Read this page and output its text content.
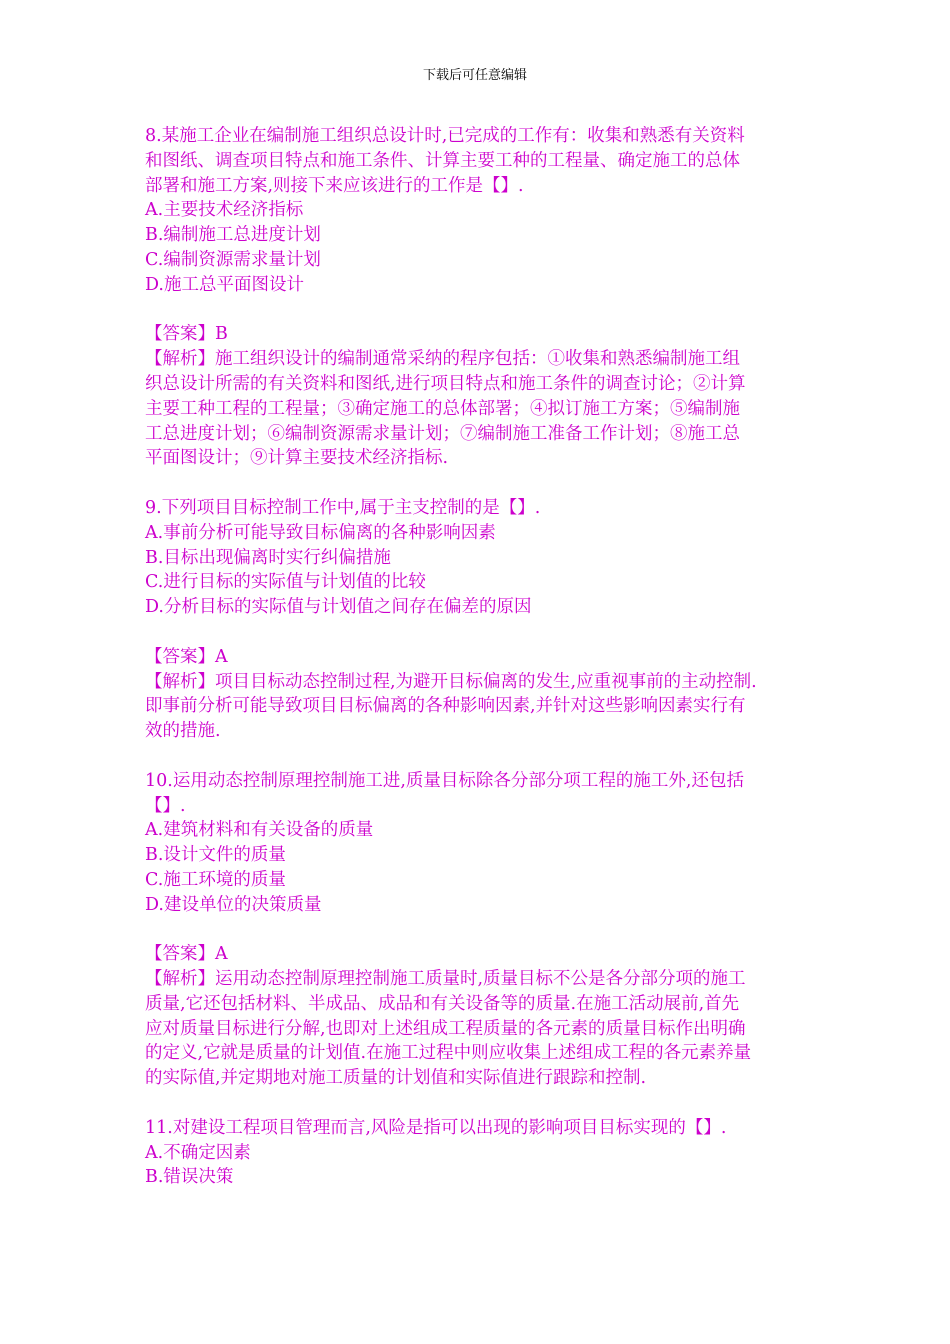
下载后可任意编辑
8.某施工企业在编制施工组织总设计时,已完成的工作有：收集和熟悉有关资料
和图纸、调查项目特点和施工条件、计算主要工种的工程量、确定施工的总体
部署和施工方案,则接下来应该进行的工作是【】.
A.主要技术经济指标
B.编制施工总进度计划
C.编制资源需求量计划
D.施工总平面图设计
【答案】B
【解析】施工组织设计的编制通常采纳的程序包括：①收集和熟悉编制施工组
织总设计所需的有关资料和图纸,进行项目特点和施工条件的调查讨论；②计算
主要工种工程的工程量；③确定施工的总体部署；④拟订施工方案；⑤编制施
工总进度计划；⑥编制资源需求量计划；⑦编制施工准备工作计划；⑧施工总
平面图设计；⑨计算主要技术经济指标.
9.下列项目目标控制工作中,属于主支控制的是【】.
A.事前分析可能导致目标偏离的各种影响因素
B.目标出现偏离时实行纠偏措施
C.进行目标的实际值与计划值的比较
D.分析目标的实际值与计划值之间存在偏差的原因
【答案】A
【解析】项目目标动态控制过程,为避开目标偏离的发生,应重视事前的主动控制.
即事前分析可能导致项目目标偏离的各种影响因素,并针对这些影响因素实行有
效的措施.
10.运用动态控制原理控制施工进,质量目标除各分部分项工程的施工外,还包括
【】.
A.建筑材料和有关设备的质量
B.设计文件的质量
C.施工环境的质量
D.建设单位的决策质量
【答案】A
【解析】运用动态控制原理控制施工质量时,质量目标不公是各分部分项的施工
质量,它还包括材料、半成品、成品和有关设备等的质量.在施工活动展前,首先
应对质量目标进行分解,也即对上述组成工程质量的各元素的质量目标作出明确
的定义,它就是质量的计划值.在施工过程中则应收集上述组成工程的各元素养量
的实际值,并定期地对施工质量的计划值和实际值进行跟踪和控制.
11.对建设工程项目管理而言,风险是指可以出现的影响项目目标实现的【】.
A.不确定因素
B.错误决策
